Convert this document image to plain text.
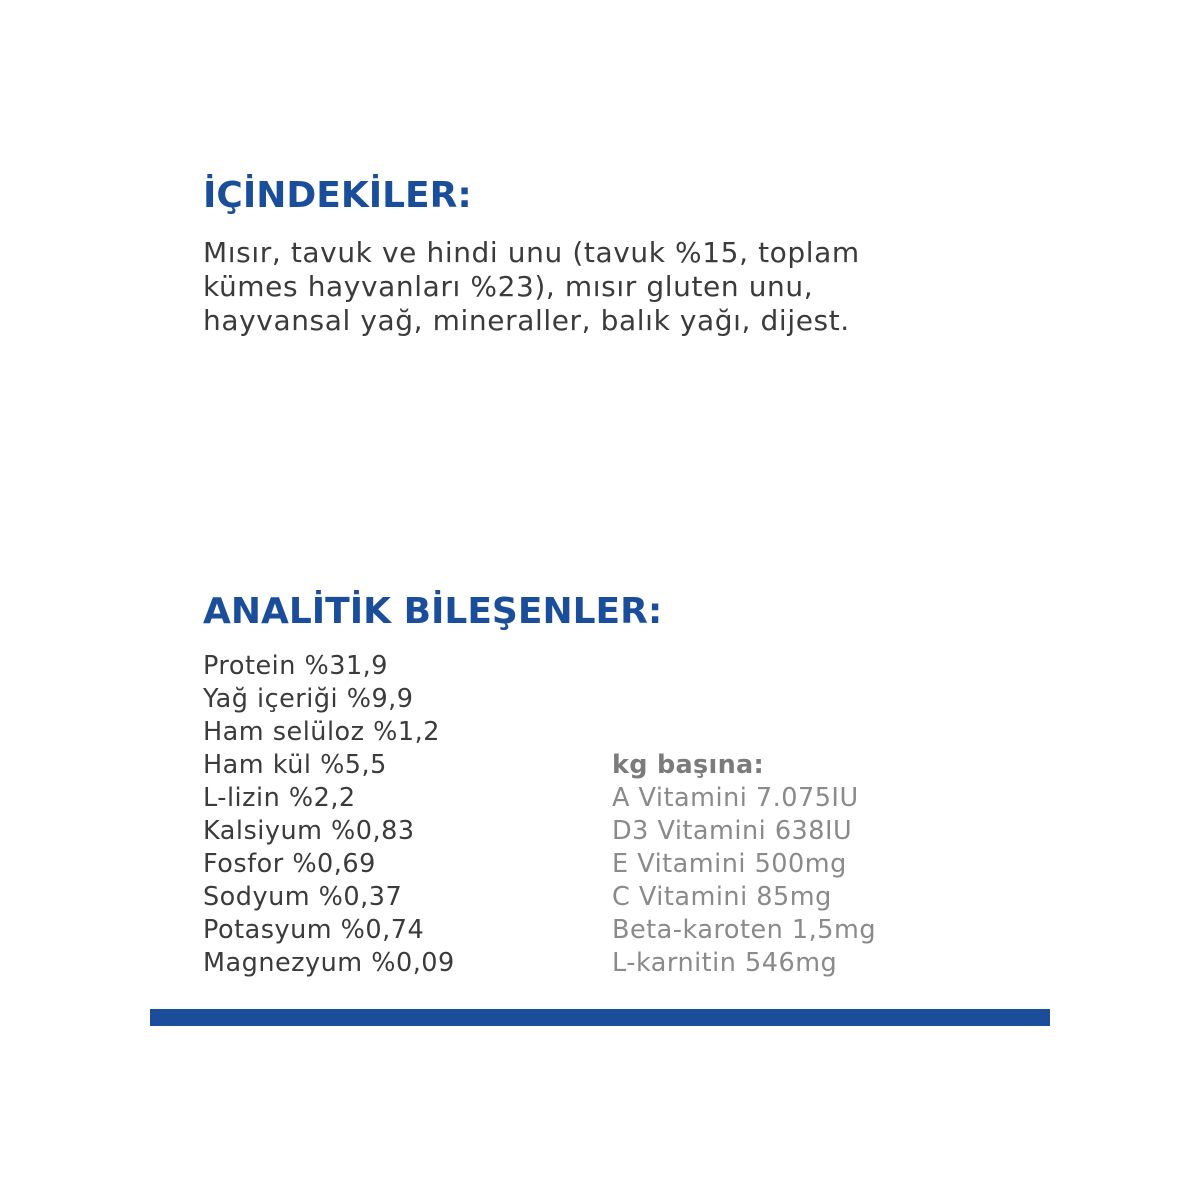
İÇİNDEKİLER:

Mısır, tavuk ve hindi unu (tavuk %15, toplam
kümes hayvanları %23), mısır gluten unu,
hayvansal yağ, mineraller, balık yağı, dijest.

ANALİTİK BİLEŞENLER:
Protein %31,9
Yağ içeriği %9,9
Ham selüloz %1,2
Ham kül %5,5
L-lizin %2,2
Kalsiyum %0,83
Fosfor %0,69
Sodyum %0,37
Potasyum %0,74
Magnezyum %0,09

kg başına:

A Vitamini 7.075IU
D3 Vitamini 638IU
E Vitamini 500mg
C Vitamini 85mg
Beta-karoten 1,5mg
L-karnitin 546mg
